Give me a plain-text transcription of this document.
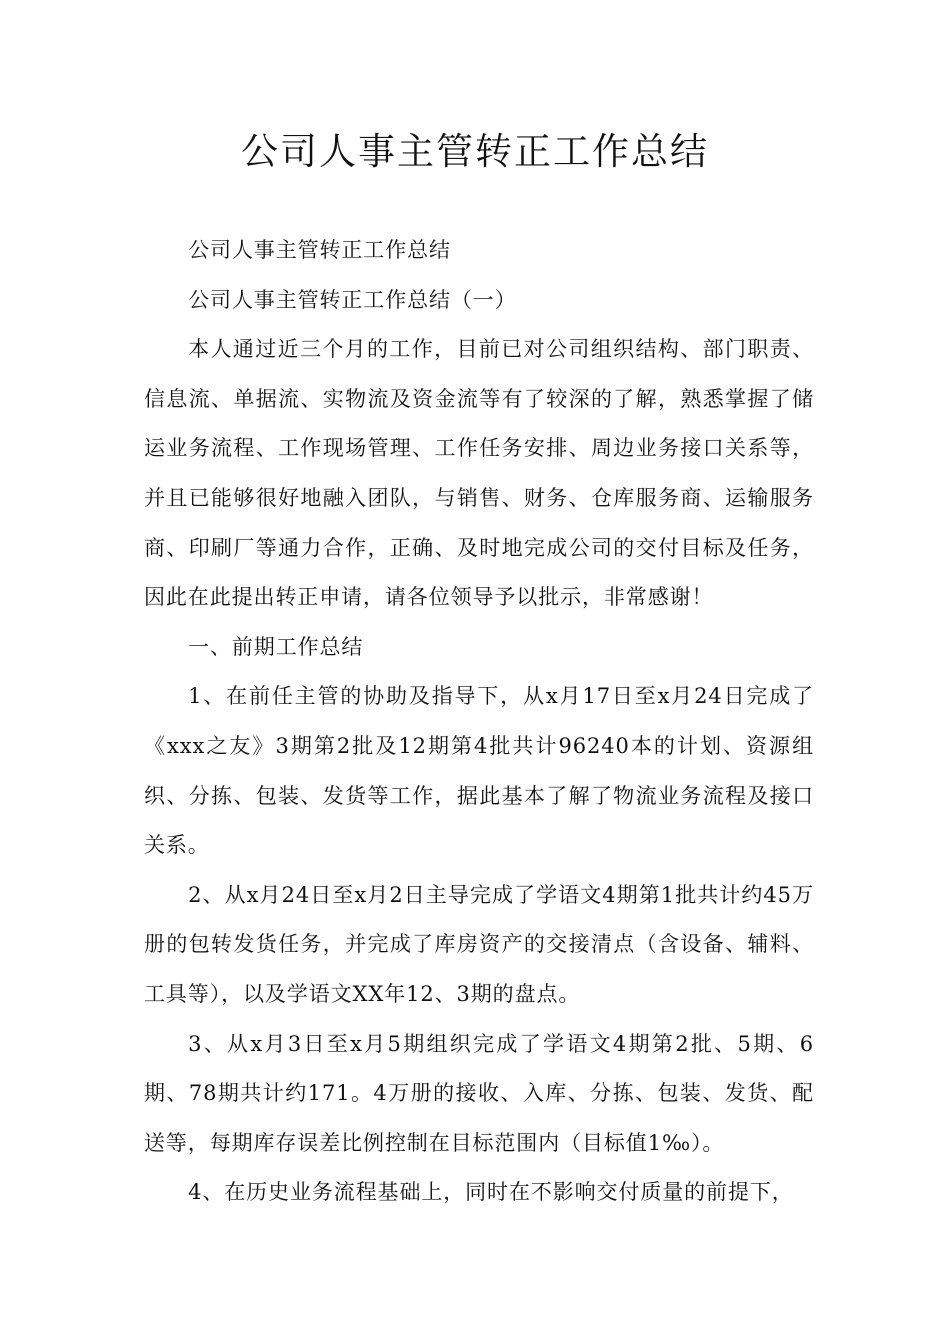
公司人事主管转正工作总结

公司人事主管转正工作总结

公司人事主管转正工作总结（一）

本人通过近三个月的工作，目前已对公司组织结构、部门职责、信息流、单据流、实物流及资金流等有了较深的了解，熟悉掌握了储运业务流程、工作现场管理、工作任务安排、周边业务接口关系等，并且已能够很好地融入团队，与销售、财务、仓库服务商、运输服务商、印刷厂等通力合作，正确、及时地完成公司的交付目标及任务，因此在此提出转正申请，请各位领导予以批示，非常感谢！

一、前期工作总结

1、在前任主管的协助及指导下，从x月17日至x月24日完成了《xxx之友》3期第2批及12期第4批共计96240本的计划、资源组织、分拣、包装、发货等工作，据此基本了解了物流业务流程及接口关系。

2、从x月24日至x月2日主导完成了学语文4期第1批共计约45万册的包转发货任务，并完成了库房资产的交接清点（含设备、辅料、工具等），以及学语文XX年12、3期的盘点。

3、从x月3日至x月5期组织完成了学语文4期第2批、5期、6期、78期共计约171。4万册的接收、入库、分拣、包装、发货、配送等，每期库存误差比例控制在目标范围内（目标值1‰）。

4、在历史业务流程基础上，同时在不影响交付质量的前提下，
